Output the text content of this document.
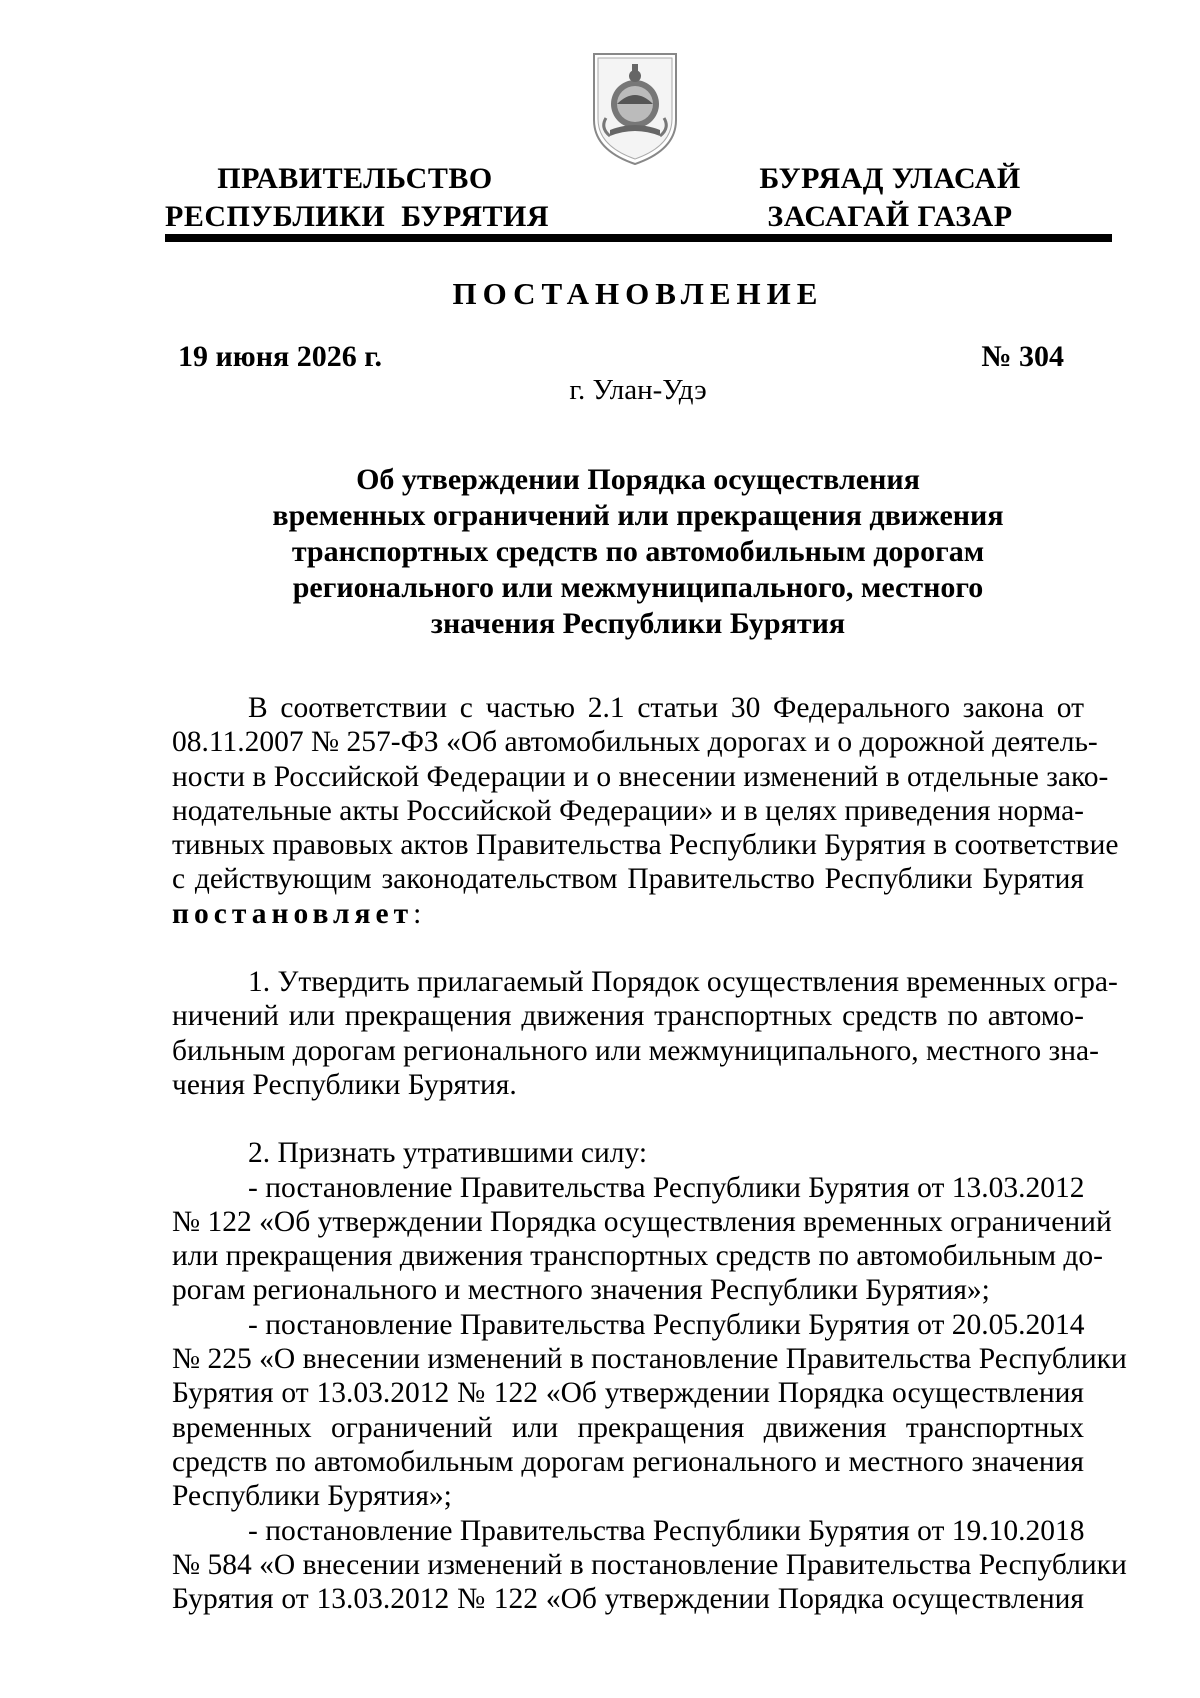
ПРАВИТЕЛЬСТВО
РЕСПУБЛИКИ  БУРЯТИЯ
БУРЯАД УЛАСАЙ
ЗАСАГАЙ ГАЗАР
ПОСТАНОВЛЕНИЕ
19 июня 2026 г.	№ 304
г. Улан-Удэ
Об утверждении Порядка осуществления
временных ограничений или прекращения движения
транспортных средств по автомобильным дорогам
регионального или межмуниципального, местного
значения Республики Бурятия
В соответствии с частью 2.1 статьи 30 Федерального закона от
08.11.2007 № 257-ФЗ «Об автомобильных дорогах и о дорожной деятель-
ности в Российской Федерации и о внесении изменений в отдельные зако-
нодательные акты Российской Федерации» и в целях приведения норма-
тивных правовых актов Правительства Республики Бурятия в соответствие
с действующим законодательством Правительство Республики Бурятия
постановляет:
1. Утвердить прилагаемый Порядок осуществления временных огра-
ничений или прекращения движения транспортных средств по автомо-
бильным дорогам регионального или межмуниципального, местного зна-
чения Республики Бурятия.
2. Признать утратившими силу:
- постановление Правительства Республики Бурятия от 13.03.2012
№ 122 «Об утверждении Порядка осуществления временных ограничений
или прекращения движения транспортных средств по автомобильным до-
рогам регионального и местного значения Республики Бурятия»;
- постановление Правительства Республики Бурятия от 20.05.2014
№ 225 «О внесении изменений в постановление Правительства Республики
Бурятия от 13.03.2012 № 122 «Об утверждении Порядка осуществления
временных ограничений или прекращения движения транспортных
средств по автомобильным дорогам регионального и местного значения
Республики Бурятия»;
- постановление Правительства Республики Бурятия от 19.10.2018
№ 584 «О внесении изменений в постановление Правительства Республики
Бурятия от 13.03.2012 № 122 «Об утверждении Порядка осуществления
